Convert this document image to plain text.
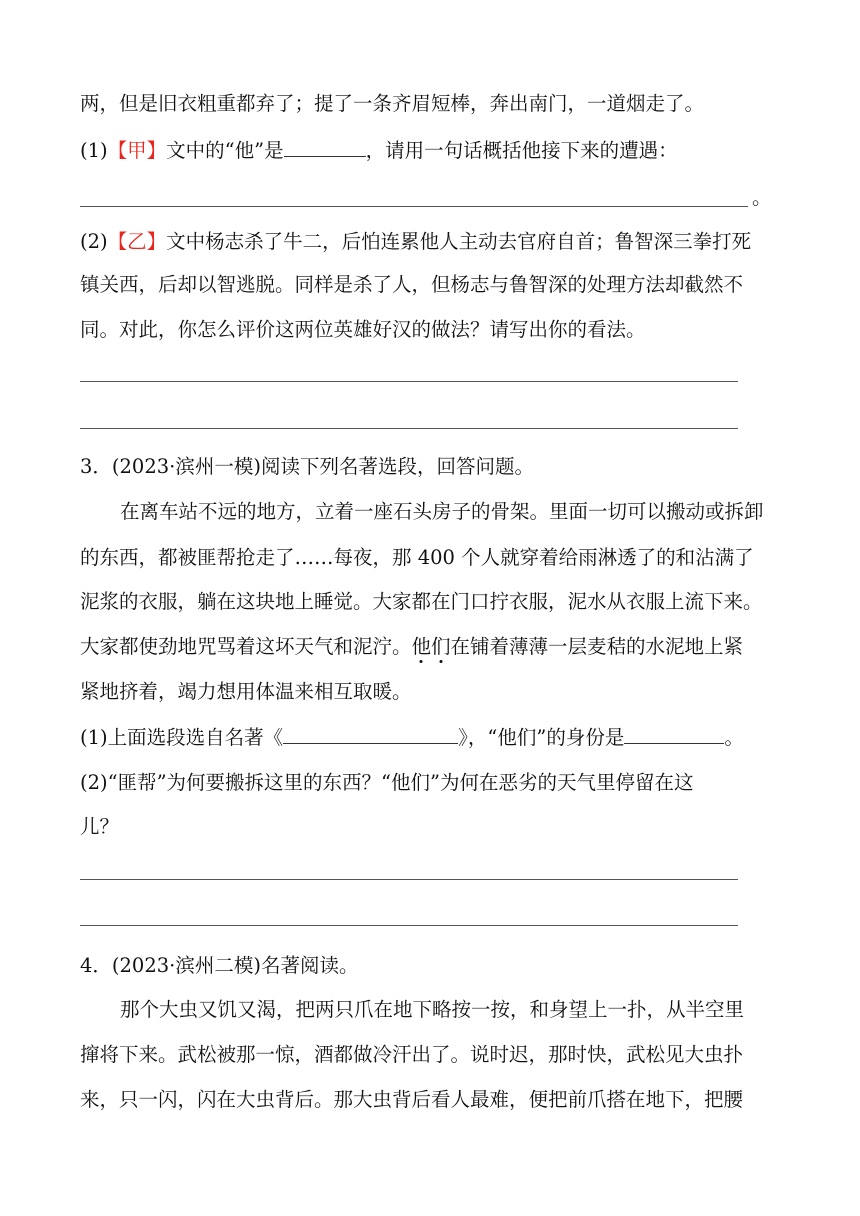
两，但是旧衣粗重都弃了；提了一条齐眉短棒，奔出南门，一道烟走了。
(1)【甲】文中的“他”是	，请用一句话概括他接下来的遭遇：
。
(2)【乙】文中杨志杀了牛二，后怕连累他人主动去官府自首；鲁智深三拳打死
镇关西，后却以智逃脱。同样是杀了人，但杨志与鲁智深的处理方法却截然不
同。对此，你怎么评价这两位英雄好汉的做法？请写出你的看法。
3．(2023·滨州一模)阅读下列名著选段，回答问题。
在离车站不远的地方，立着一座石头房子的骨架。里面一切可以搬动或拆卸
的东西，都被匪帮抢走了……每夜，那 400 个人就穿着给雨淋透了的和沾满了
泥浆的衣服，躺在这块地上睡觉。大家都在门口拧衣服，泥水从衣服上流下来。
大家都使劲地咒骂着这坏天气和泥泞。他们在铺着薄薄一层麦秸的水泥地上紧
紧地挤着，竭力想用体温来相互取暖。
(1)上面选段选自名著《	》，“他们”的身份是	。
(2)“匪帮”为何要搬拆这里的东西？“他们”为何在恶劣的天气里停留在这
儿？
4．(2023·滨州二模)名著阅读。
那个大虫又饥又渴，把两只爪在地下略按一按，和身望上一扑，从半空里
撺将下来。武松被那一惊，酒都做冷汗出了。说时迟，那时快，武松见大虫扑
来，只一闪，闪在大虫背后。那大虫背后看人最难，便把前爪搭在地下，把腰
